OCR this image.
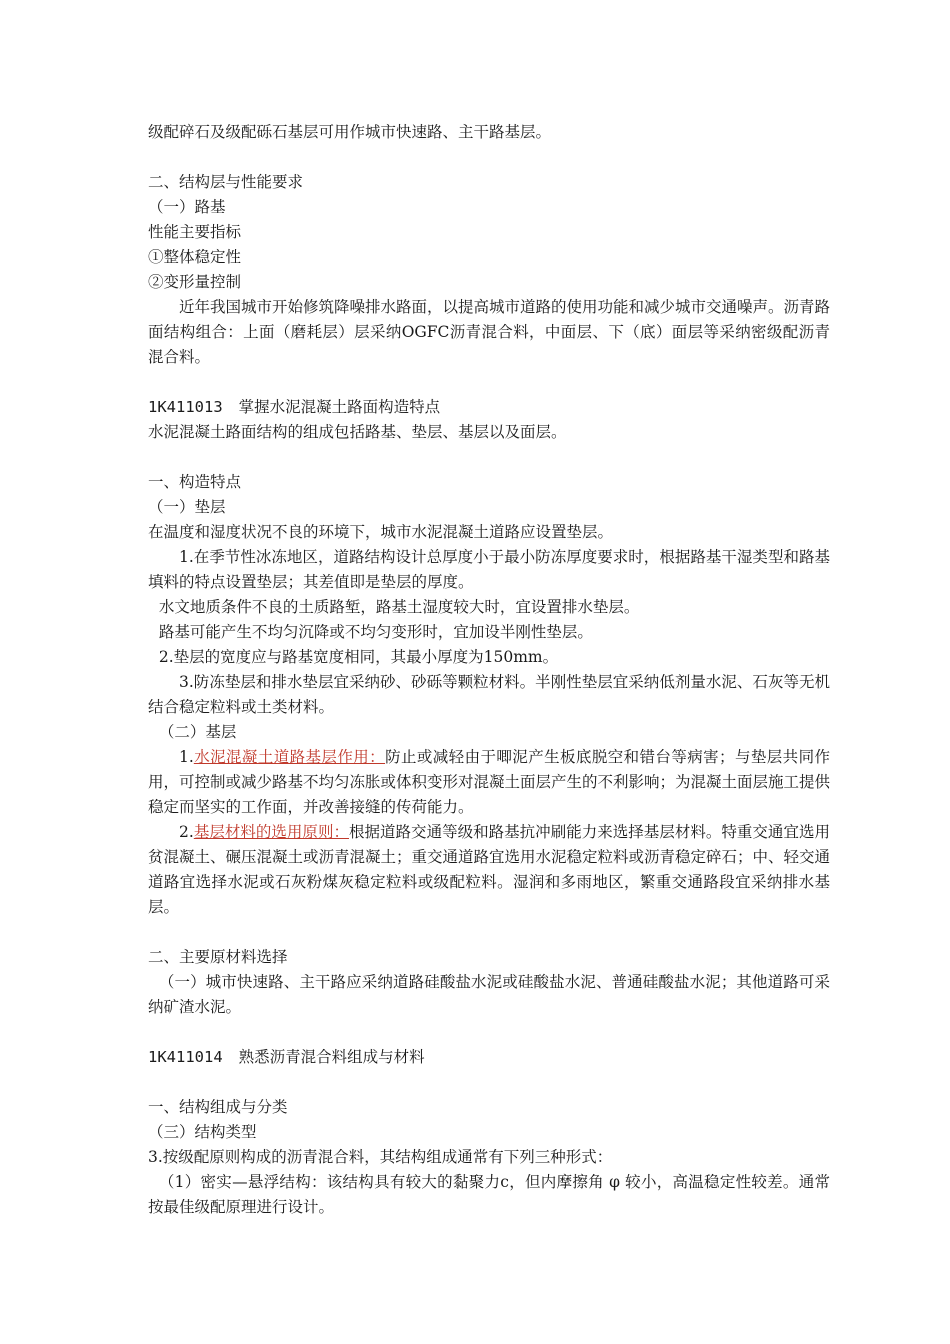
级配碎石及级配砾石基层可用作城市快速路、主干路基层。
二、结构层与性能要求
（一）路基
性能主要指标
①整体稳定性
②变形量控制
近年我国城市开始修筑降噪排水路面，以提高城市道路的使用功能和减少城市交通噪声。沥青路面结构组合：上面（磨耗层）层采纳OGFC沥青混合料，中面层、下（底）面层等采纳密级配沥青混合料。
1K411013 掌握水泥混凝土路面构造特点
水泥混凝土路面结构的组成包括路基、垫层、基层以及面层。
一、构造特点
（一）垫层
在温度和湿度状况不良的环境下，城市水泥混凝土道路应设置垫层。
1.在季节性冰冻地区，道路结构设计总厚度小于最小防冻厚度要求时，根据路基干湿类型和路基填料的特点设置垫层；其差值即是垫层的厚度。
水文地质条件不良的土质路堑，路基土湿度较大时，宜设置排水垫层。
路基可能产生不均匀沉降或不均匀变形时，宜加设半刚性垫层。
2.垫层的宽度应与路基宽度相同，其最小厚度为150mm。
3.防冻垫层和排水垫层宜采纳砂、砂砾等颗粒材料。半刚性垫层宜采纳低剂量水泥、石灰等无机结合稳定粒料或土类材料。
（二）基层
1.水泥混凝土道路基层作用：防止或减轻由于唧泥产生板底脱空和错台等病害；与垫层共同作用，可控制或减少路基不均匀冻胀或体积变形对混凝土面层产生的不利影响；为混凝土面层施工提供稳定而坚实的工作面，并改善接缝的传荷能力。
2.基层材料的选用原则：根据道路交通等级和路基抗冲刷能力来选择基层材料。特重交通宜选用贫混凝土、碾压混凝土或沥青混凝土；重交通道路宜选用水泥稳定粒料或沥青稳定碎石；中、轻交通道路宜选择水泥或石灰粉煤灰稳定粒料或级配粒料。湿润和多雨地区，繁重交通路段宜采纳排水基层。
二、主要原材料选择
（一）城市快速路、主干路应采纳道路硅酸盐水泥或硅酸盐水泥、普通硅酸盐水泥；其他道路可采纳矿渣水泥。
1K411014 熟悉沥青混合料组成与材料
一、结构组成与分类
（三）结构类型
3.按级配原则构成的沥青混合料，其结构组成通常有下列三种形式：
（1）密实—悬浮结构：该结构具有较大的黏聚力c，但内摩擦角 φ 较小，高温稳定性较差。通常按最佳级配原理进行设计。
